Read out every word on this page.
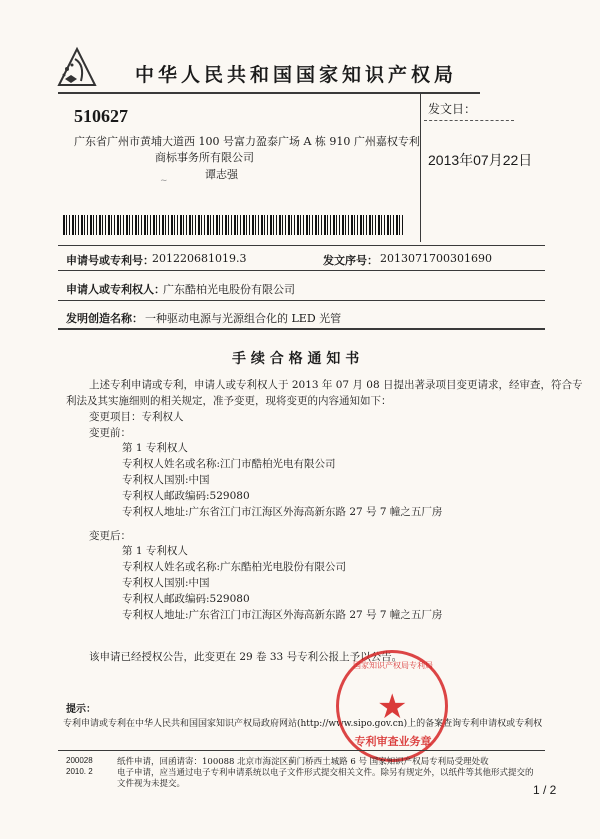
中华人民共和国国家知识产权局
510627
广东省广州市黄埔大道西 100 号富力盈泰广场 A 栋 910 广州嘉权专利
商标事务所有限公司
谭志强
~
发文日：
2013年07月22日
申请号或专利号：
201220681019.3	发文序号： 2013071700301690
申请人或专利权人：
广东酷柏光电股份有限公司
发明创造名称： 一种驱动电源与光源组合化的 LED 光管
手 续 合 格 通 知 书
上述专利申请或专利，申请人或专利权人于 2013 年 07 月 08 日提出著录项目变更请求，经审查，符合专
利法及其实施细则的相关规定，准予变更，现将变更的内容通知如下：
变更项目：专利权人
变更前：
第 1 专利权人
专利权人姓名或名称:江门市酷柏光电有限公司
专利权人国别:中国
专利权人邮政编码:529080
专利权人地址:广东省江门市江海区外海高新东路 27 号 7 幢之五厂房
变更后：
第 1 专利权人
专利权人姓名或名称:广东酷柏光电股份有限公司
专利权人国别:中国
专利权人邮政编码:529080
专利权人地址:广东省江门市江海区外海高新东路 27 号 7 幢之五厂房
该申请已经授权公告，此变更在 29 卷 33 号专利公报上予以公告。
提示：
专利申请或专利在中华人民共和国国家知识产权局政府网站(http://www.sipo.gov.cn)上的备案查询专利申请权或专利权
国家知识产权局专利局
★
专利审查业务章
200028
2010. 2
纸件申请，回函请寄：100088 北京市海淀区蓟门桥西土城路 6 号 国家知识产权局专利局受理处收
电子申请，应当通过电子专利申请系统以电子文件形式提交相关文件。除另有规定外，以纸件等其他形式提交的
文件视为未提交。	1 / 2
